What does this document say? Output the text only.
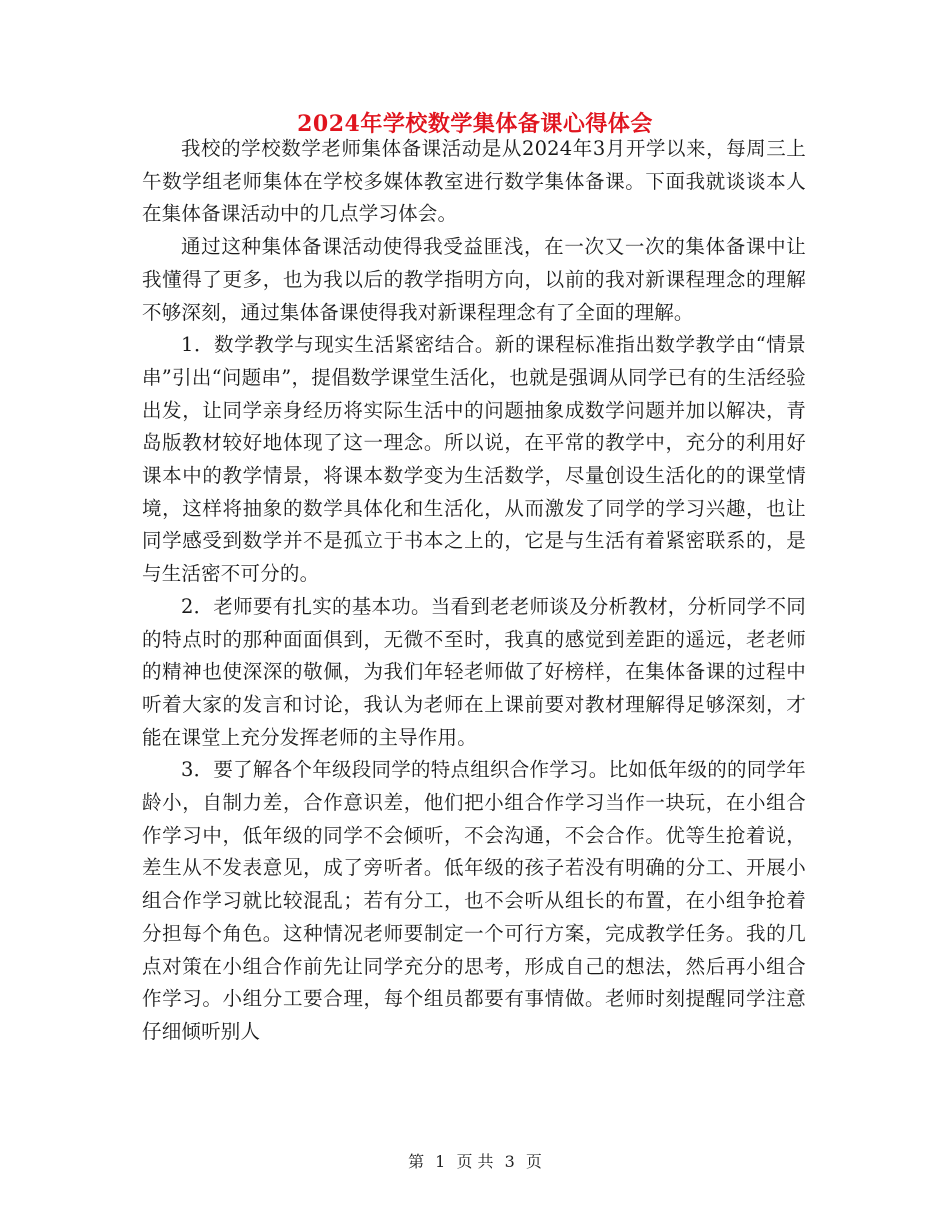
2024年学校数学集体备课心得体会

我校的学校数学老师集体备课活动是从2024年3月开学以来，每周三上午数学组老师集体在学校多媒体教室进行数学集体备课。下面我就谈谈本人在集体备课活动中的几点学习体会。

通过这种集体备课活动使得我受益匪浅，在一次又一次的集体备课中让我懂得了更多，也为我以后的教学指明方向，以前的我对新课程理念的理解不够深刻，通过集体备课使得我对新课程理念有了全面的理解。

1．数学教学与现实生活紧密结合。新的课程标准指出数学教学由“情景串”引出“问题串”，提倡数学课堂生活化，也就是强调从同学已有的生活经验出发，让同学亲身经历将实际生活中的问题抽象成数学问题并加以解决，青岛版教材较好地体现了这一理念。所以说，在平常的教学中，充分的利用好课本中的教学情景，将课本数学变为生活数学，尽量创设生活化的的课堂情境，这样将抽象的数学具体化和生活化，从而激发了同学的学习兴趣，也让同学感受到数学并不是孤立于书本之上的，它是与生活有着紧密联系的，是与生活密不可分的。

2．老师要有扎实的基本功。当看到老老师谈及分析教材，分析同学不同的特点时的那种面面俱到，无微不至时，我真的感觉到差距的遥远，老老师的精神也使深深的敬佩，为我们年轻老师做了好榜样，在集体备课的过程中听着大家的发言和讨论，我认为老师在上课前要对教材理解得足够深刻，才能在课堂上充分发挥老师的主导作用。

3．要了解各个年级段同学的特点组织合作学习。比如低年级的的同学年龄小，自制力差，合作意识差，他们把小组合作学习当作一块玩，在小组合作学习中，低年级的同学不会倾听，不会沟通，不会合作。优等生抢着说，差生从不发表意见，成了旁听者。低年级的孩子若没有明确的分工、开展小组合作学习就比较混乱；若有分工，也不会听从组长的布置，在小组争抢着分担每个角色。这种情况老师要制定一个可行方案，完成教学任务。我的几点对策在小组合作前先让同学充分的思考，形成自己的想法，然后再小组合作学习。小组分工要合理，每个组员都要有事情做。老师时刻提醒同学注意仔细倾听别人

第 1 页 共 3 页
